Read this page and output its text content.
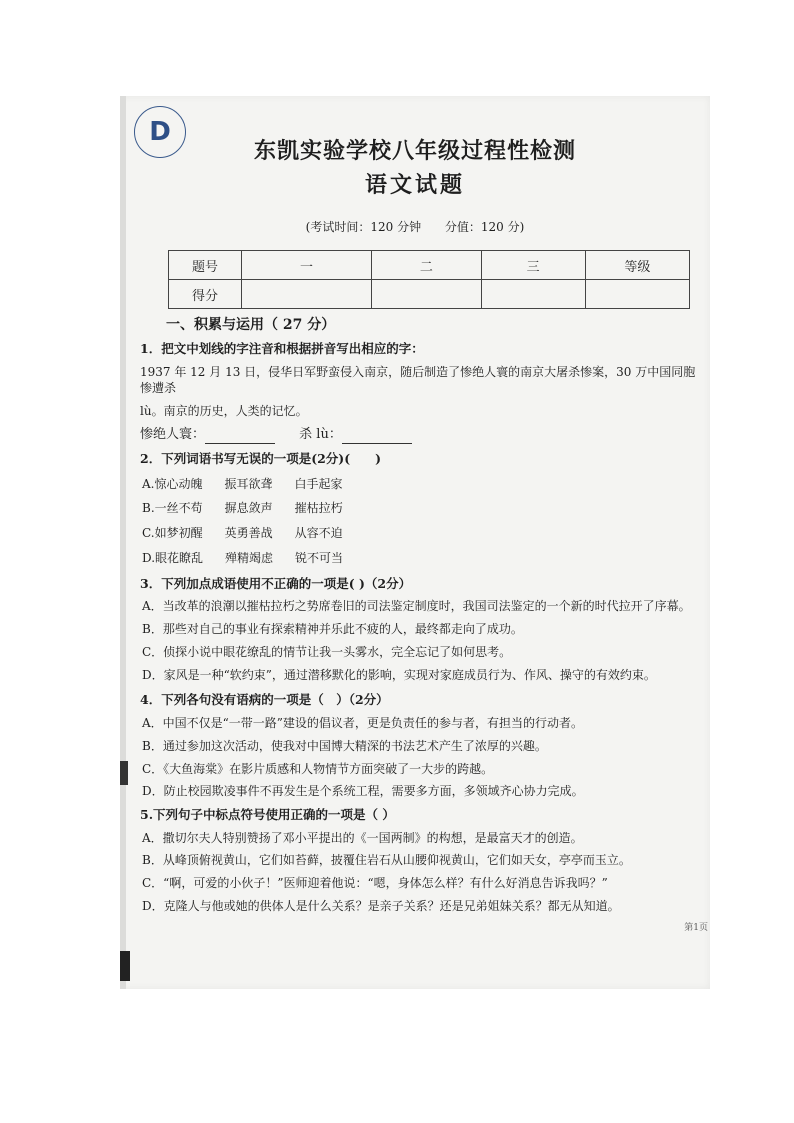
D
东凯实验学校八年级过程性检测
语文试题
(考试时间：120 分钟 分值：120 分)
题号	一	二	三	等级
得分				
一、积累与运用（ 27 分）

1．把文中划线的字注音和根据拼音写出相应的字：

1937 年 12 月 13 日，侵华日军野蛮侵入南京，随后制造了惨绝人寰的南京大屠杀惨案，30 万中国同胞惨遭杀

lù。南京的历史，人类的记忆。

惨绝人寰：	杀 lù：

2．下列词语书写无误的一项是(2分)(　　)

A.惊心动魄 振耳欲聋 白手起家

B.一丝不苟 摒息敛声 摧枯拉朽

C.如梦初醒 英勇善战 从容不迫

D.眼花瞭乱 殚精竭虑 锐不可当

3．下列加点成语使用不正确的一项是( )（2分）

A．当改革的浪潮以摧枯拉朽之势席卷旧的司法鉴定制度时，我国司法鉴定的一个新的时代拉开了序幕。

B．那些对自己的事业有探索精神并乐此不疲的人，最终都走向了成功。

C．侦探小说中眼花缭乱的情节让我一头雾水，完全忘记了如何思考。

D．家风是一种“软约束”，通过潜移默化的影响，实现对家庭成员行为、作风、操守的有效约束。

4．下列各句没有语病的一项是（　）（2分）

A．中国不仅是“一带一路”建设的倡议者，更是负责任的参与者，有担当的行动者。

B．通过参加这次活动，使我对中国博大精深的书法艺术产生了浓厚的兴趣。

C．《大鱼海棠》在影片质感和人物情节方面突破了一大步的跨越。

D．防止校园欺凌事件不再发生是个系统工程，需要多方面，多领域齐心协力完成。

5.下列句子中标点符号使用正确的一项是（ ）

A．撒切尔夫人特别赞扬了邓小平提出的《一国两制》的构想，是最富天才的创造。

B．从峰顶俯视黄山，它们如苔藓，披覆住岩石从山腰仰视黄山，它们如天女，亭亭而玉立。

C．“啊，可爱的小伙子！”医师迎着他说：“嗯，身体怎么样？有什么好消息告诉我吗？”

D．克隆人与他或她的供体人是什么关系？是亲子关系？还是兄弟姐妹关系？都无从知道。

第1页
